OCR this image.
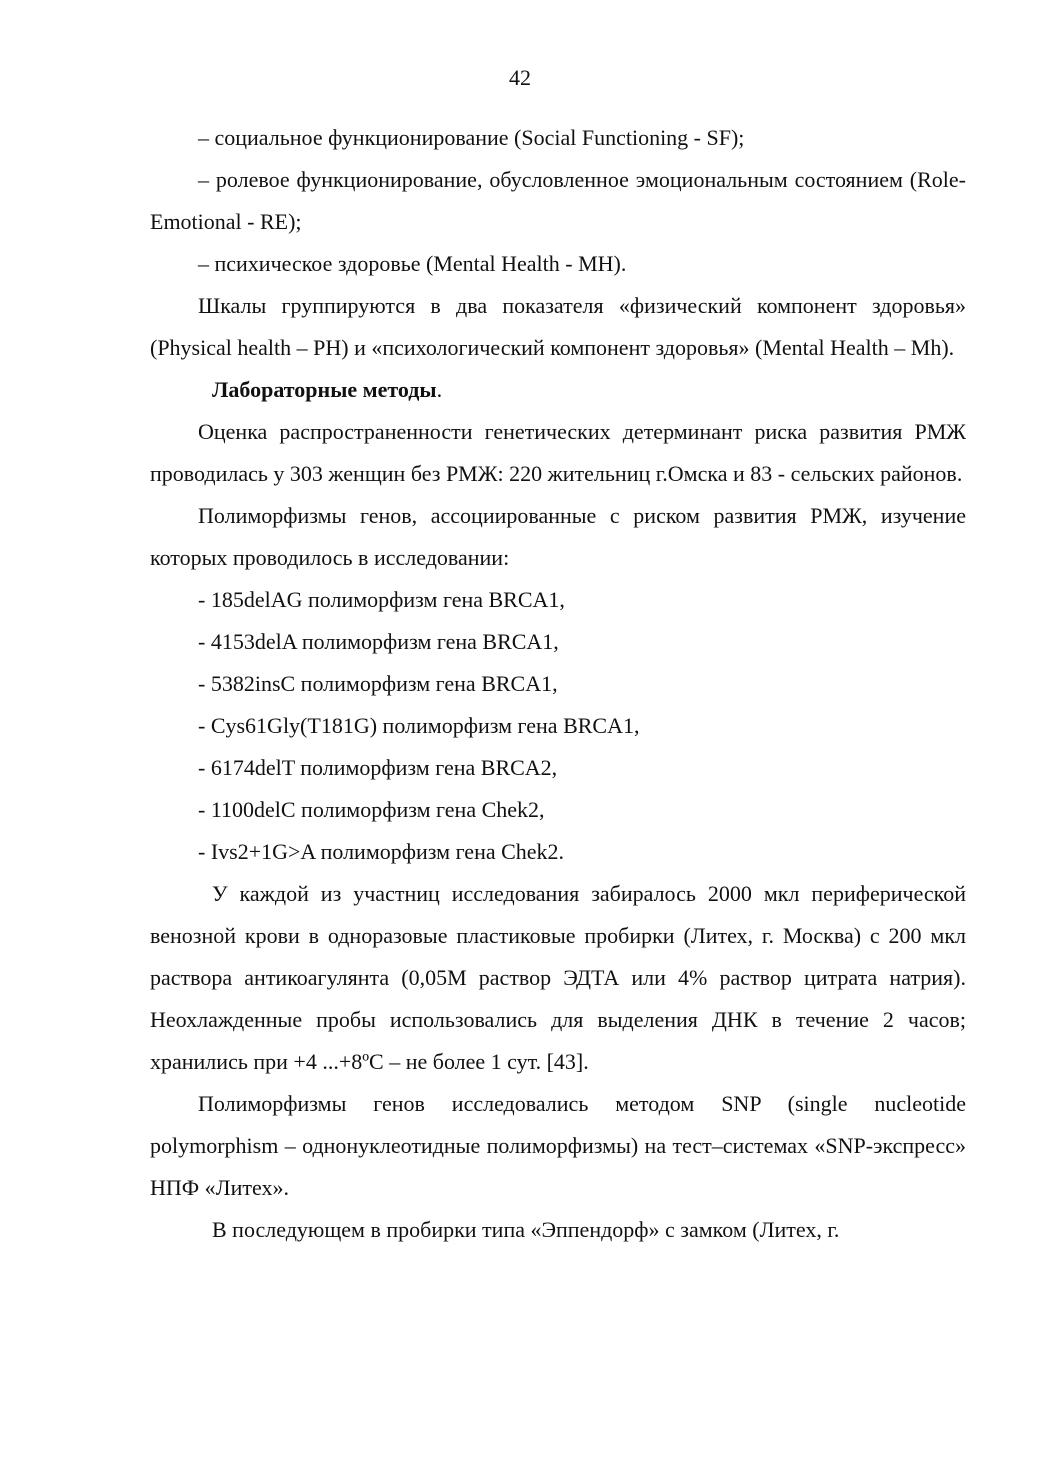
42

– социальное функционирование (Social Functioning - SF);

– ролевое функционирование, обусловленное эмоциональным состоянием (Role-Emotional - RE);

– психическое здоровье (Mental Health - MH).

Шкалы группируются в два показателя «физический компонент здоровья» (Physical health – PH) и «психологический компонент здоровья» (Mental Health – Mh).

Лабораторные методы.

Оценка распространенности генетических детерминант риска развития РМЖ проводилась у 303 женщин без РМЖ: 220 жительниц г.Омска и 83 - сельских районов.

Полиморфизмы генов, ассоциированные с риском развития РМЖ, изучение которых проводилось в исследовании:

- 185delAG полиморфизм гена BRCA1,

- 4153delA полиморфизм гена BRCA1,

- 5382insC полиморфизм гена BRCA1,

- Cys61Gly(T181G) полиморфизм гена BRCA1,

- 6174delT полиморфизм гена BRCA2,

- 1100delC полиморфизм гена Chek2,

- Ivs2+1G>A полиморфизм гена Chek2.

У каждой из участниц исследования забиралось 2000 мкл периферической венозной крови в одноразовые пластиковые пробирки (Литех, г. Москва) с 200 мкл раствора антикоагулянта (0,05М раствор ЭДТА или 4% раствор цитрата натрия). Неохлажденные пробы использовались для выделения ДНК в течение 2 часов; хранились при +4 ...+8ºС – не более 1 сут. [43].

Полиморфизмы генов исследовались методом SNP (single nucleotide polymorphism – однонуклеотидные полиморфизмы) на тест–системах «SNP-экспресс» НПФ «Литех».

В последующем в пробирки типа «Эппендорф» с замком (Литех, г.
